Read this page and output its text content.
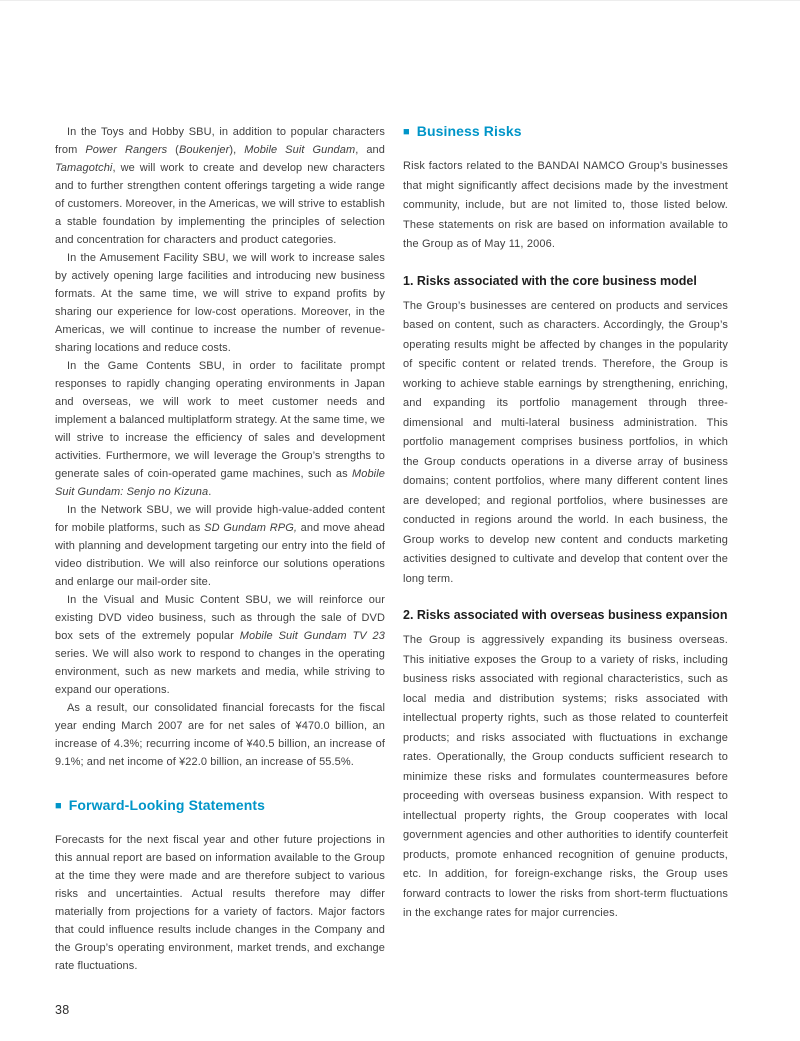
In the Toys and Hobby SBU, in addition to popular characters from Power Rangers (Boukenjer), Mobile Suit Gundam, and Tamagotchi, we will work to create and develop new characters and to further strengthen content offerings targeting a wide range of customers. Moreover, in the Americas, we will strive to establish a stable foundation by implementing the principles of selection and concentration for characters and product categories.

In the Amusement Facility SBU, we will work to increase sales by actively opening large facilities and introducing new business formats. At the same time, we will strive to expand profits by sharing our experience for low-cost operations. Moreover, in the Americas, we will continue to increase the number of revenue-sharing locations and reduce costs.

In the Game Contents SBU, in order to facilitate prompt responses to rapidly changing operating environments in Japan and overseas, we will work to meet customer needs and implement a balanced multiplatform strategy. At the same time, we will strive to increase the efficiency of sales and development activities. Furthermore, we will leverage the Group’s strengths to generate sales of coin-operated game machines, such as Mobile Suit Gundam: Senjo no Kizuna.

In the Network SBU, we will provide high-value-added content for mobile platforms, such as SD Gundam RPG, and move ahead with planning and development targeting our entry into the field of video distribution. We will also reinforce our solutions operations and enlarge our mail-order site.

In the Visual and Music Content SBU, we will reinforce our existing DVD video business, such as through the sale of DVD box sets of the extremely popular Mobile Suit Gundam TV 23 series. We will also work to respond to changes in the operating environment, such as new markets and media, while striving to expand our operations.

As a result, our consolidated financial forecasts for the fiscal year ending March 2007 are for net sales of ¥470.0 billion, an increase of 4.3%; recurring income of ¥40.5 billion, an increase of 9.1%; and net income of ¥22.0 billion, an increase of 55.5%.

■ Forward-Looking Statements

Forecasts for the next fiscal year and other future projections in this annual report are based on information available to the Group at the time they were made and are therefore subject to various risks and uncertainties. Actual results therefore may differ materially from projections for a variety of factors. Major factors that could influence results include changes in the Company and the Group’s operating environment, market trends, and exchange rate fluctuations.

■ Business Risks

Risk factors related to the BANDAI NAMCO Group’s businesses that might significantly affect decisions made by the investment community, include, but are not limited to, those listed below. These statements on risk are based on information available to the Group as of May 11, 2006.

1. Risks associated with the core business model

The Group’s businesses are centered on products and services based on content, such as characters. Accordingly, the Group’s operating results might be affected by changes in the popularity of specific content or related trends. Therefore, the Group is working to achieve stable earnings by strengthening, enriching, and expanding its portfolio management through three-dimensional and multi-lateral business administration. This portfolio management comprises business portfolios, in which the Group conducts operations in a diverse array of business domains; content portfolios, where many different content lines are developed; and regional portfolios, where businesses are conducted in regions around the world. In each business, the Group works to develop new content and conducts marketing activities designed to cultivate and develop that content over the long term.

2. Risks associated with overseas business expansion

The Group is aggressively expanding its business overseas. This initiative exposes the Group to a variety of risks, including business risks associated with regional characteristics, such as local media and distribution systems; risks associated with intellectual property rights, such as those related to counterfeit products; and risks associated with fluctuations in exchange rates. Operationally, the Group conducts sufficient research to minimize these risks and formulates countermeasures before proceeding with overseas business expansion. With respect to intellectual property rights, the Group cooperates with local government agencies and other authorities to identify counterfeit products, promote enhanced recognition of genuine products, etc. In addition, for foreign-exchange risks, the Group uses forward contracts to lower the risks from short-term fluctuations in the exchange rates for major currencies.

38
